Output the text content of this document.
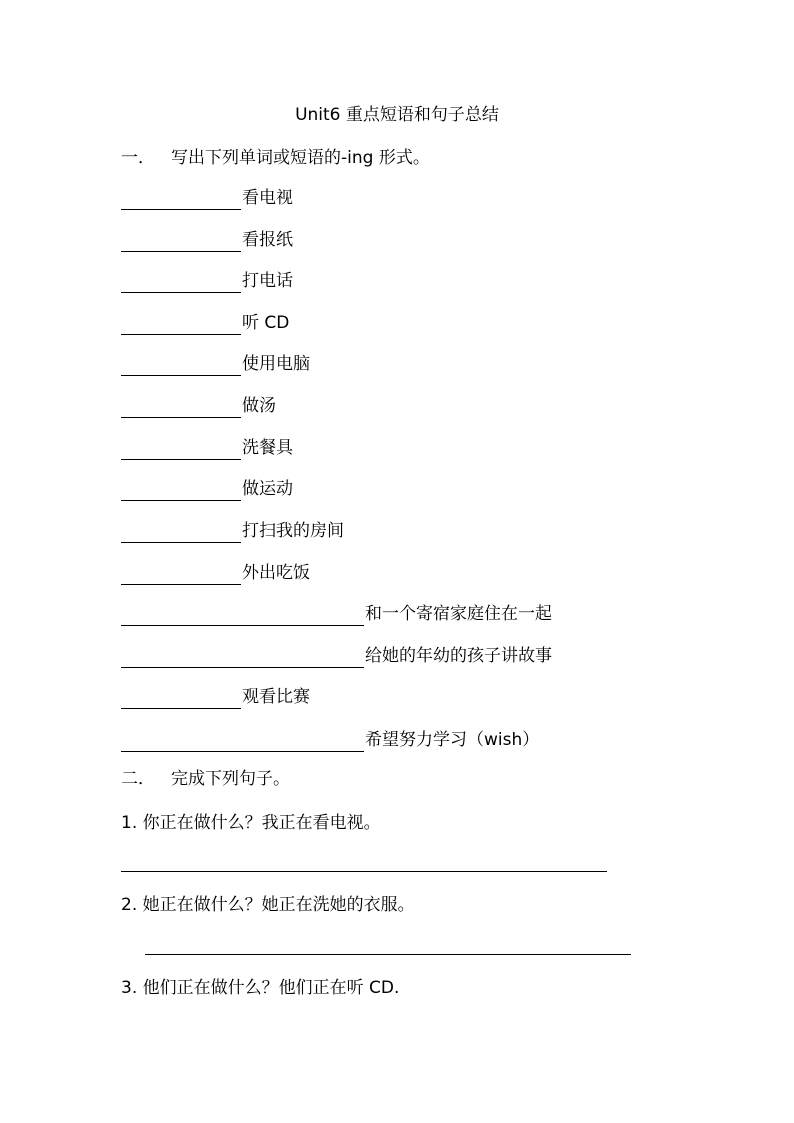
Unit6 重点短语和句子总结
一． 写出下列单词或短语的-ing 形式。
看电视
看报纸
打电话
听 CD
使用电脑
做汤
洗餐具
做运动
打扫我的房间
外出吃饭
和一个寄宿家庭住在一起
给她的年幼的孩子讲故事
观看比赛
希望努力学习（wish）
二． 完成下列句子。
1. 你正在做什么？我正在看电视。
2. 她正在做什么？她正在洗她的衣服。
3. 他们正在做什么？他们正在听 CD.
